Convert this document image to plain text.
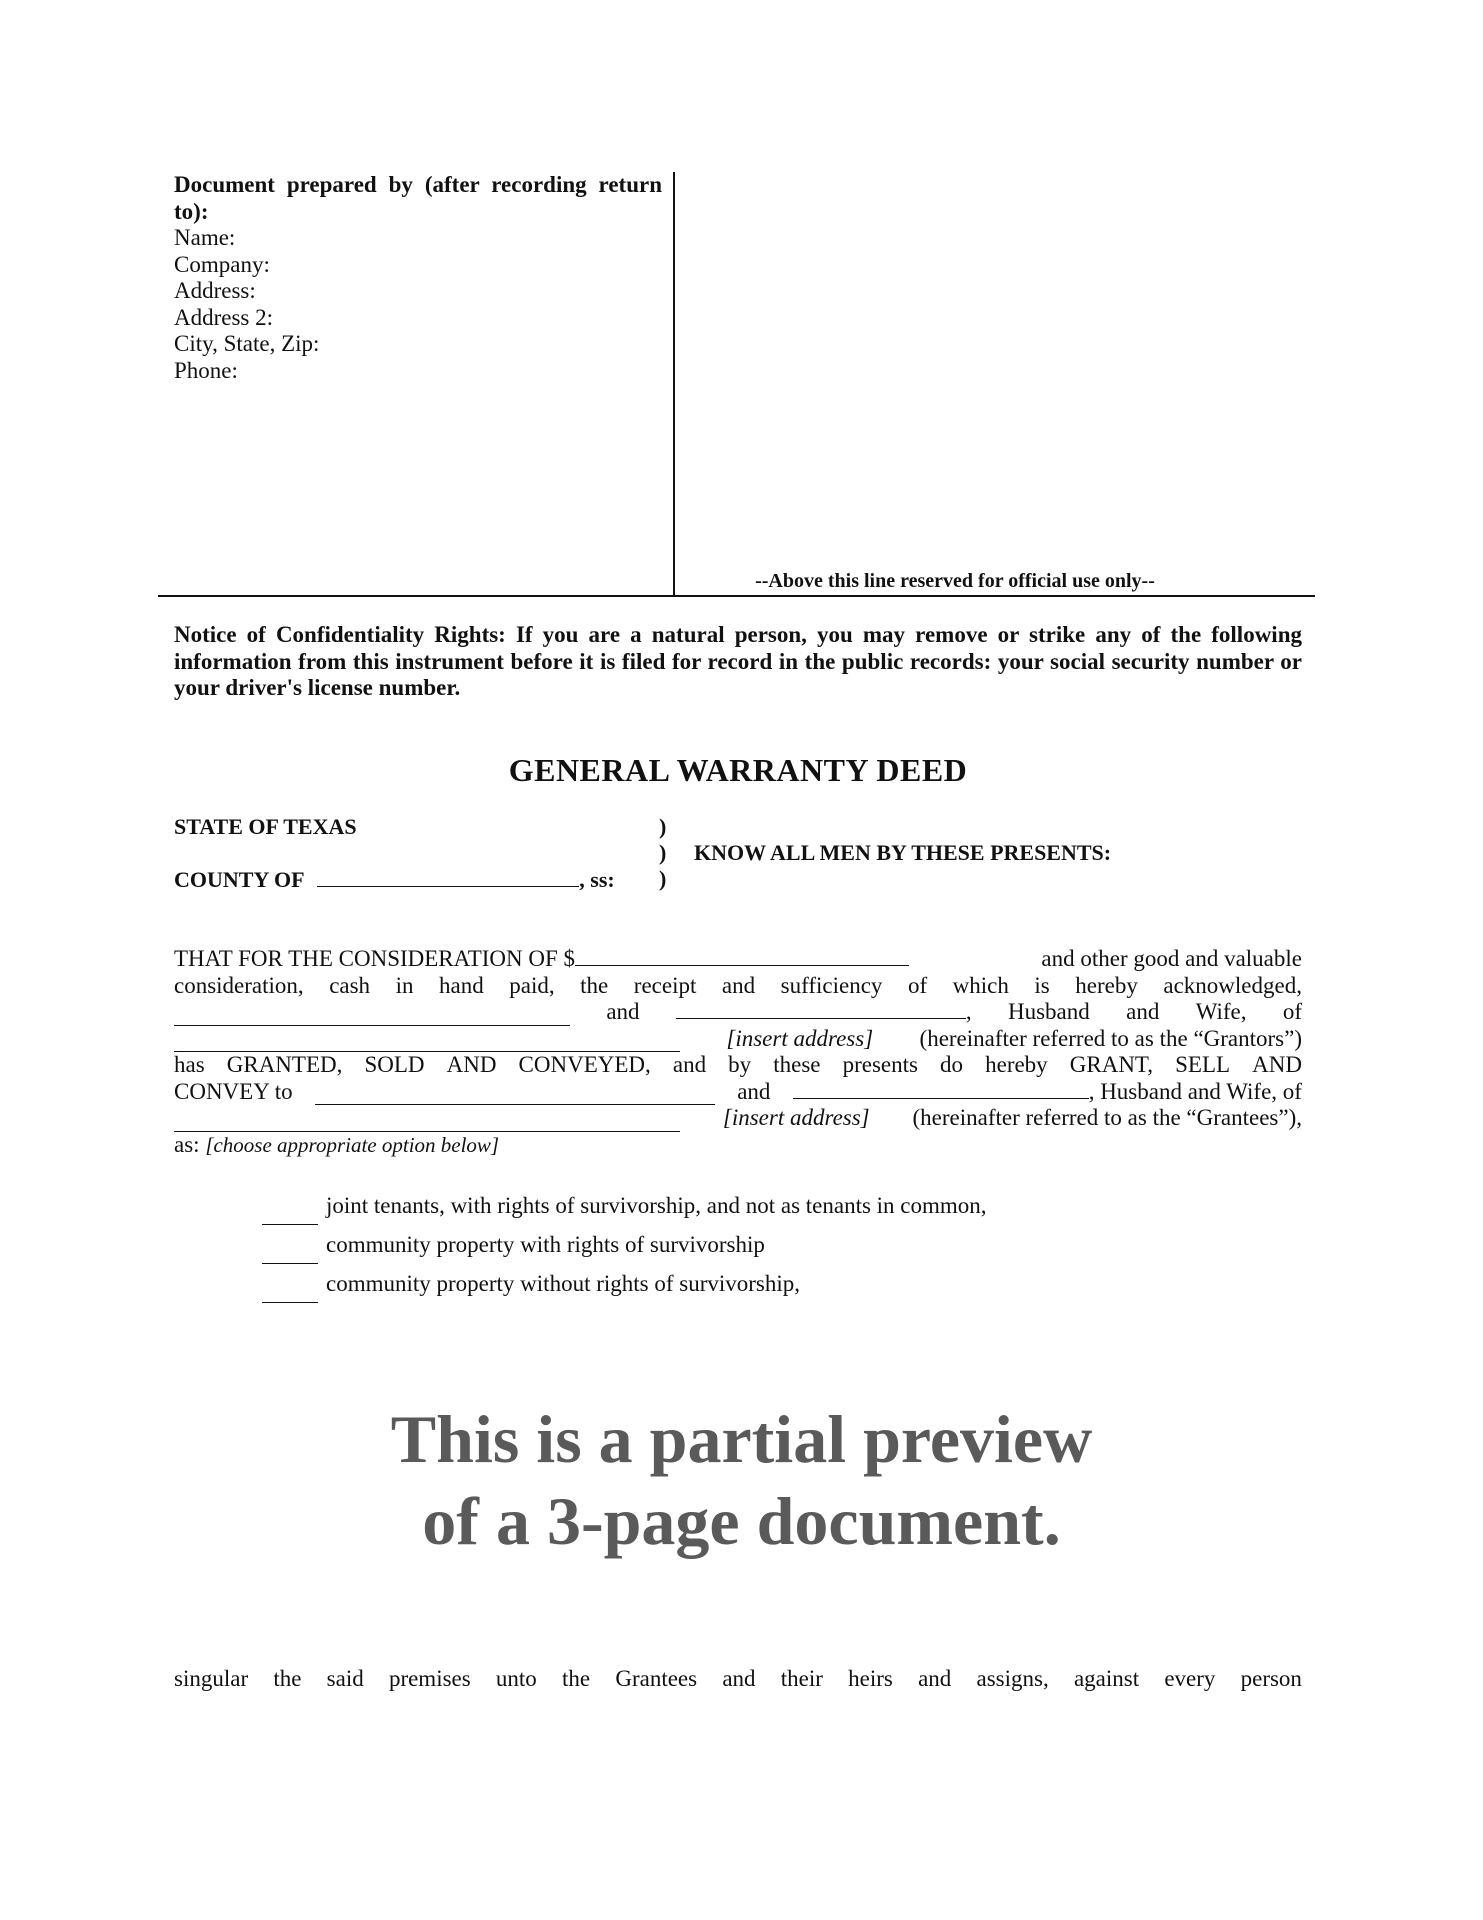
Document prepared by (after recording return to):
Name:
Company:
Address:
Address 2:
City, State, Zip:
Phone:
--Above this line reserved for official use only--
Notice of Confidentiality Rights: If you are a natural person, you may remove or strike any of the following information from this instrument before it is filed for record in the public records: your social security number or your driver's license number.
GENERAL WARRANTY DEED
STATE OF TEXAS
COUNTY OF	, ss:
)
)
)
KNOW ALL MEN BY THESE PRESENTS:
THAT FOR THE CONSIDERATION OF $	and other good and valuable
consideration, cash in hand paid, the receipt and sufficiency of which is hereby acknowledged,
and	, Husband and Wife, of
[insert address] (hereinafter referred to as the “Grantors”)
has GRANTED, SOLD AND CONVEYED, and by these presents do hereby GRANT, SELL AND
CONVEY to	and	, Husband and Wife, of
[insert address] (hereinafter referred to as the “Grantees”),
as:
[choose appropriate option below]
joint tenants, with rights of survivorship, and not as tenants in common,
community property with rights of survivorship
community property without rights of survivorship,
This is a partial preview
of a 3-page document.
singular the said premises unto the Grantees and their heirs and assigns, against every person
